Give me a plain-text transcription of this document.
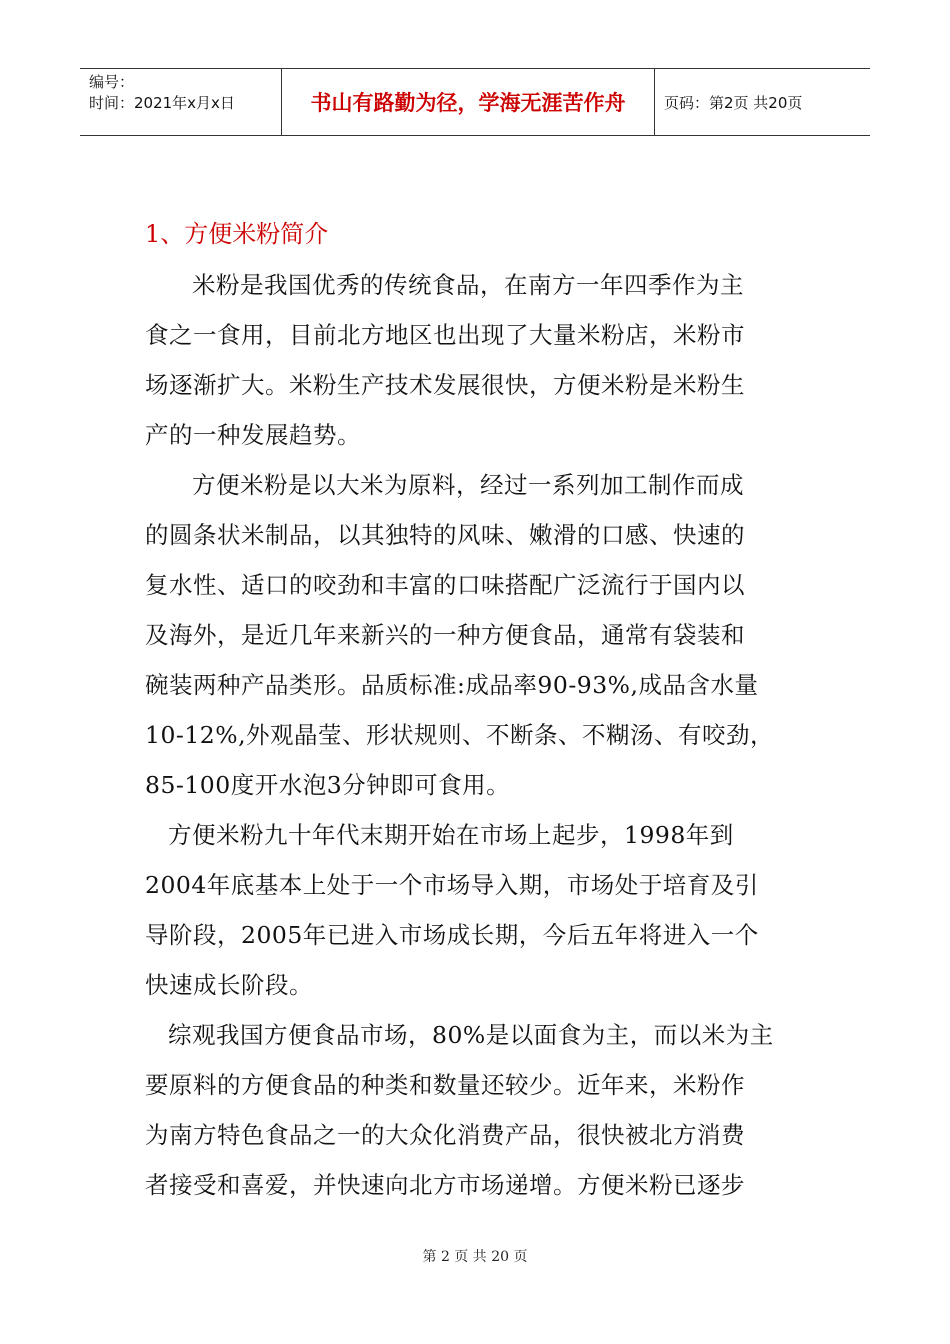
编号：
时间：2021年x月x日	书山有路勤为径，学海无涯苦作舟	页码：第2页 共20页
1、方便米粉简介

米粉是我国优秀的传统食品，在南方一年四季作为主
食之一食用，目前北方地区也出现了大量米粉店，米粉市
场逐渐扩大。米粉生产技术发展很快，方便米粉是米粉生
产的一种发展趋势。

方便米粉是以大米为原料，经过一系列加工制作而成
的圆条状米制品，以其独特的风味、嫩滑的口感、快速的
复水性、适口的咬劲和丰富的口味搭配广泛流行于国内以
及海外，是近几年来新兴的一种方便食品，通常有袋装和
碗装两种产品类形。品质标准:成品率90-93%,成品含水量
10-12%,外观晶莹、形状规则、不断条、不糊汤、有咬劲，
85-100度开水泡3分钟即可食用。

方便米粉九十年代末期开始在市场上起步，1998年到
2004年底基本上处于一个市场导入期，市场处于培育及引
导阶段，2005年已进入市场成长期，今后五年将进入一个
快速成长阶段。

综观我国方便食品市场，80%是以面食为主，而以米为主
要原料的方便食品的种类和数量还较少。近年来，米粉作
为南方特色食品之一的大众化消费产品，很快被北方消费
者接受和喜爱，并快速向北方市场递增。方便米粉已逐步

第 2 页 共 20 页
